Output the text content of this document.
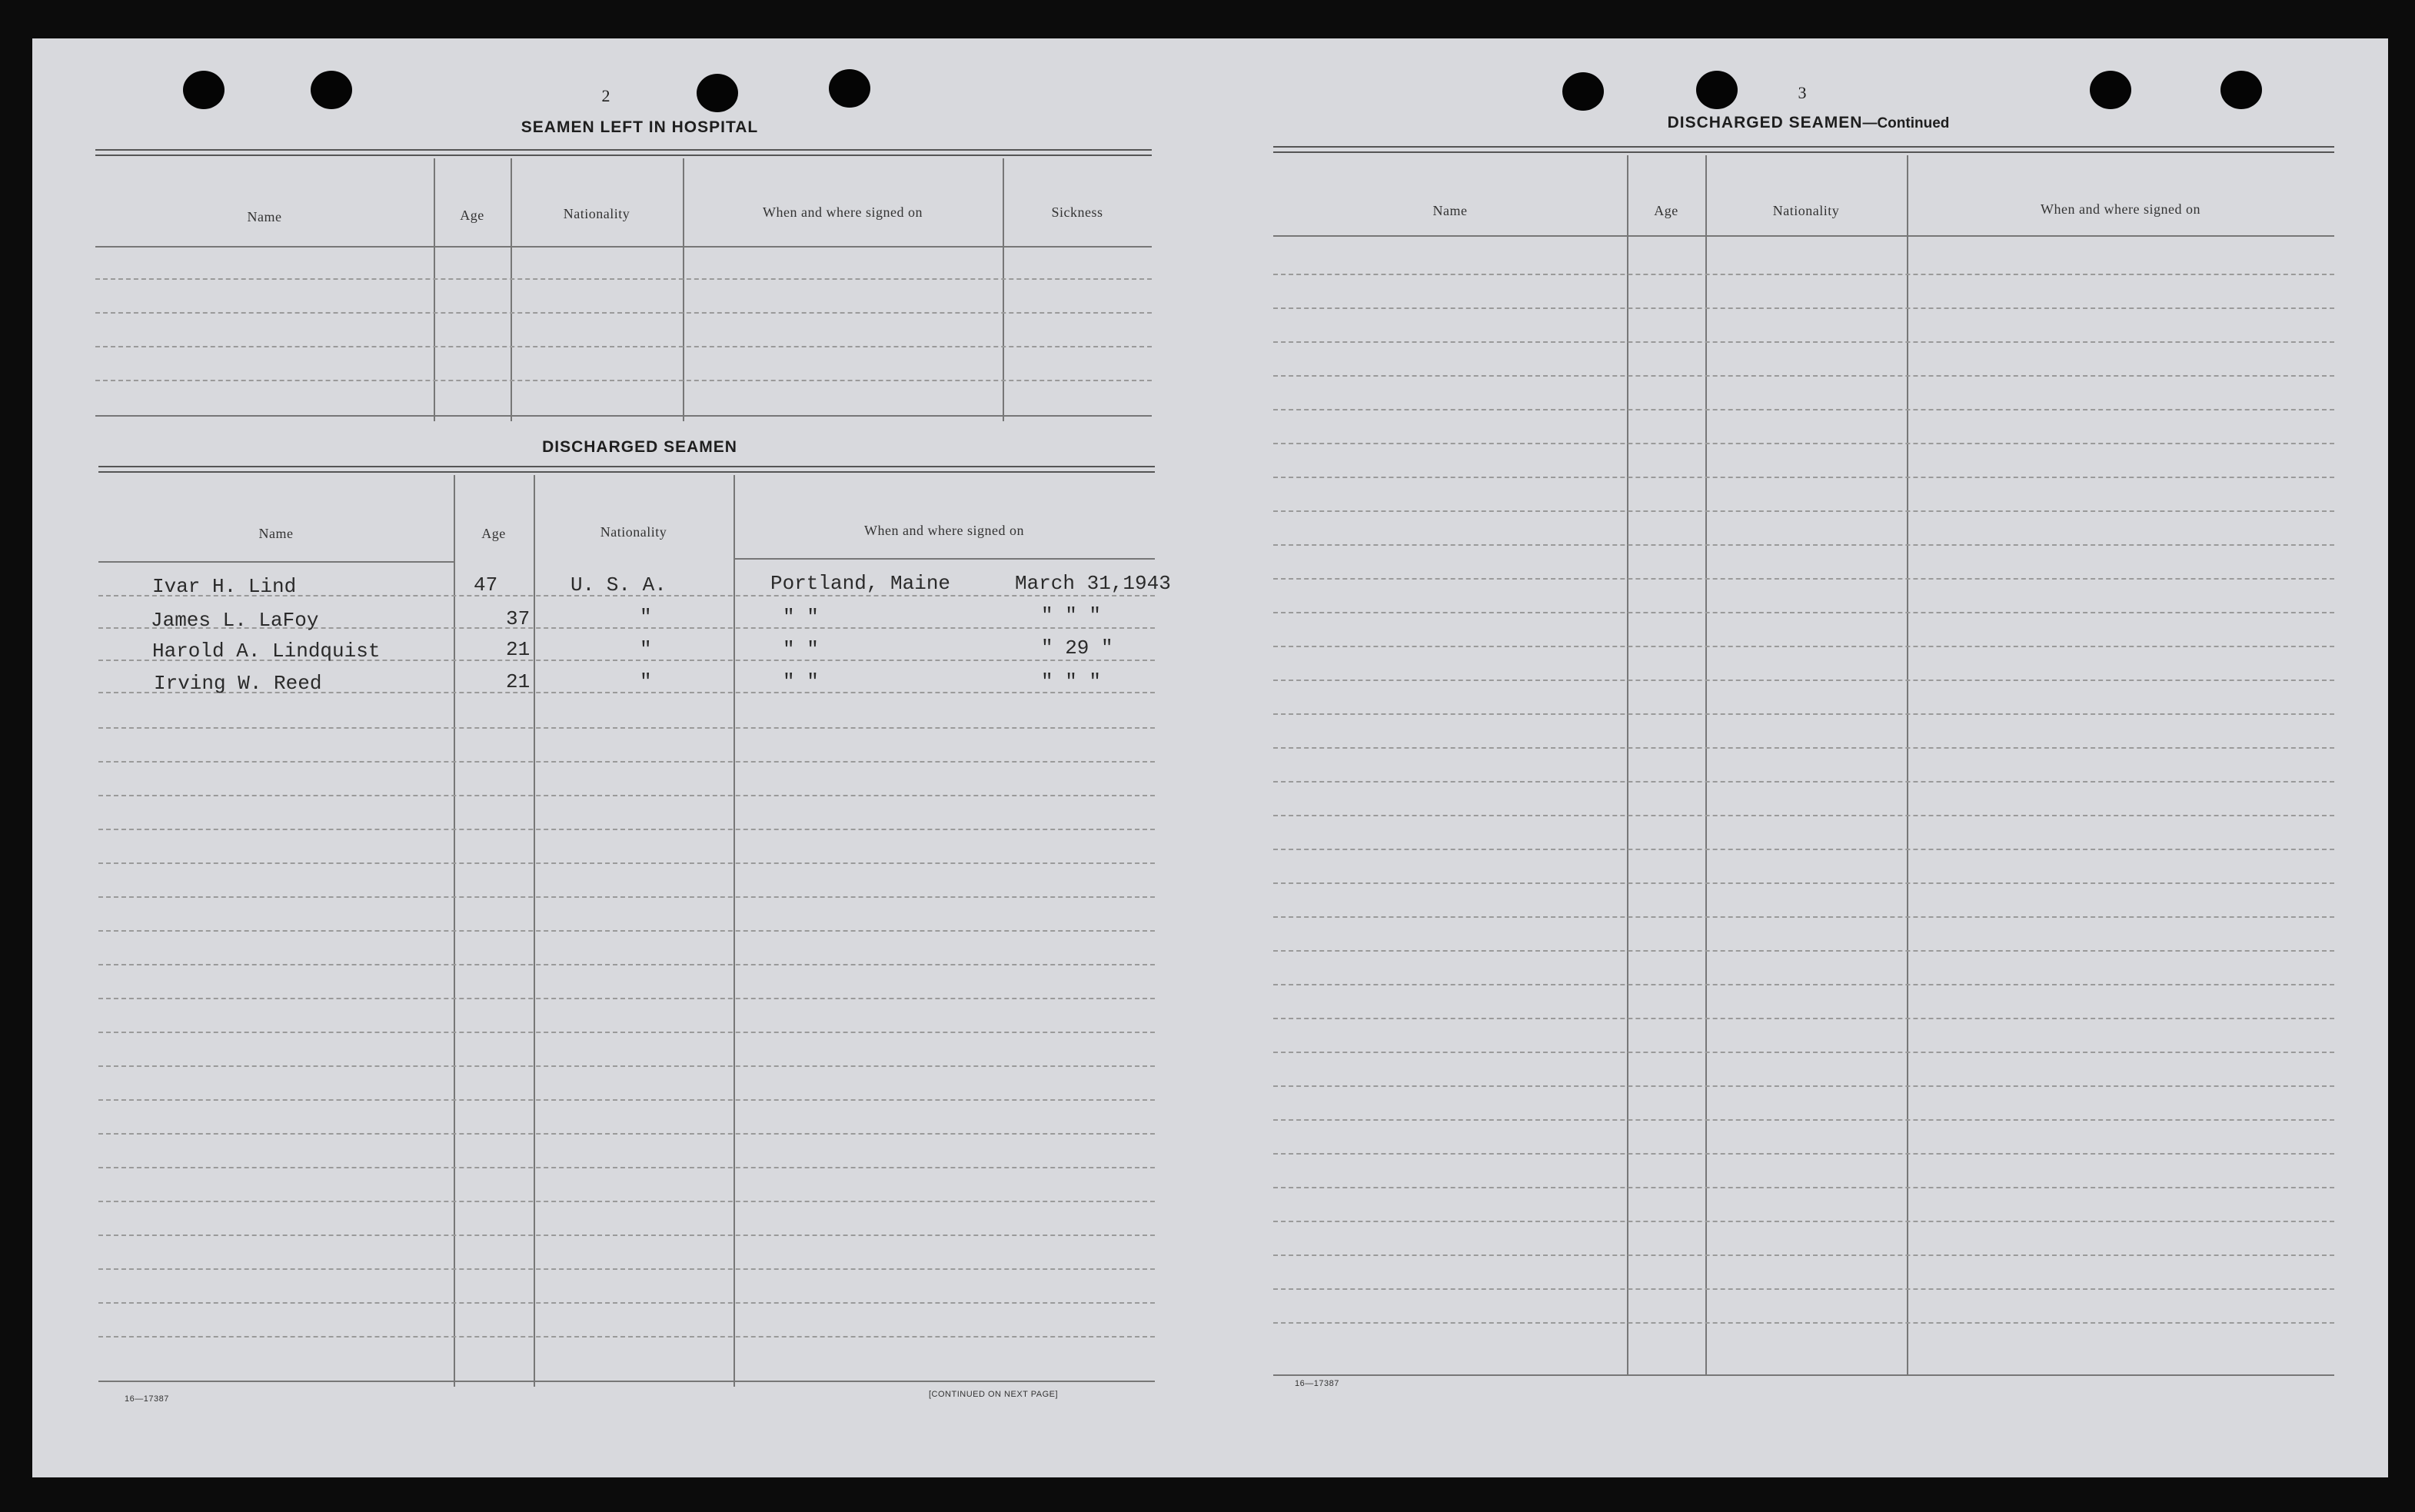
2
SEAMEN LEFT IN HOSPITAL
Name	Age	Nationality	When and where signed on	Sickness
DISCHARGED SEAMEN
Name	Age	Nationality	When and where signed on
Ivar H. Lind	47	U. S. A.	Portland, Maine	March 31,1943
James L. LaFoy	37	"	" "	" " "
Harold A. Lindquist	21	"	" "	" 29 "
Irving W. Reed	21	"	" "	" " "
16—17387	[CONTINUED ON NEXT PAGE]
3
DISCHARGED SEAMEN—Continued
Name	Age	Nationality	When and where signed on
16—17387
